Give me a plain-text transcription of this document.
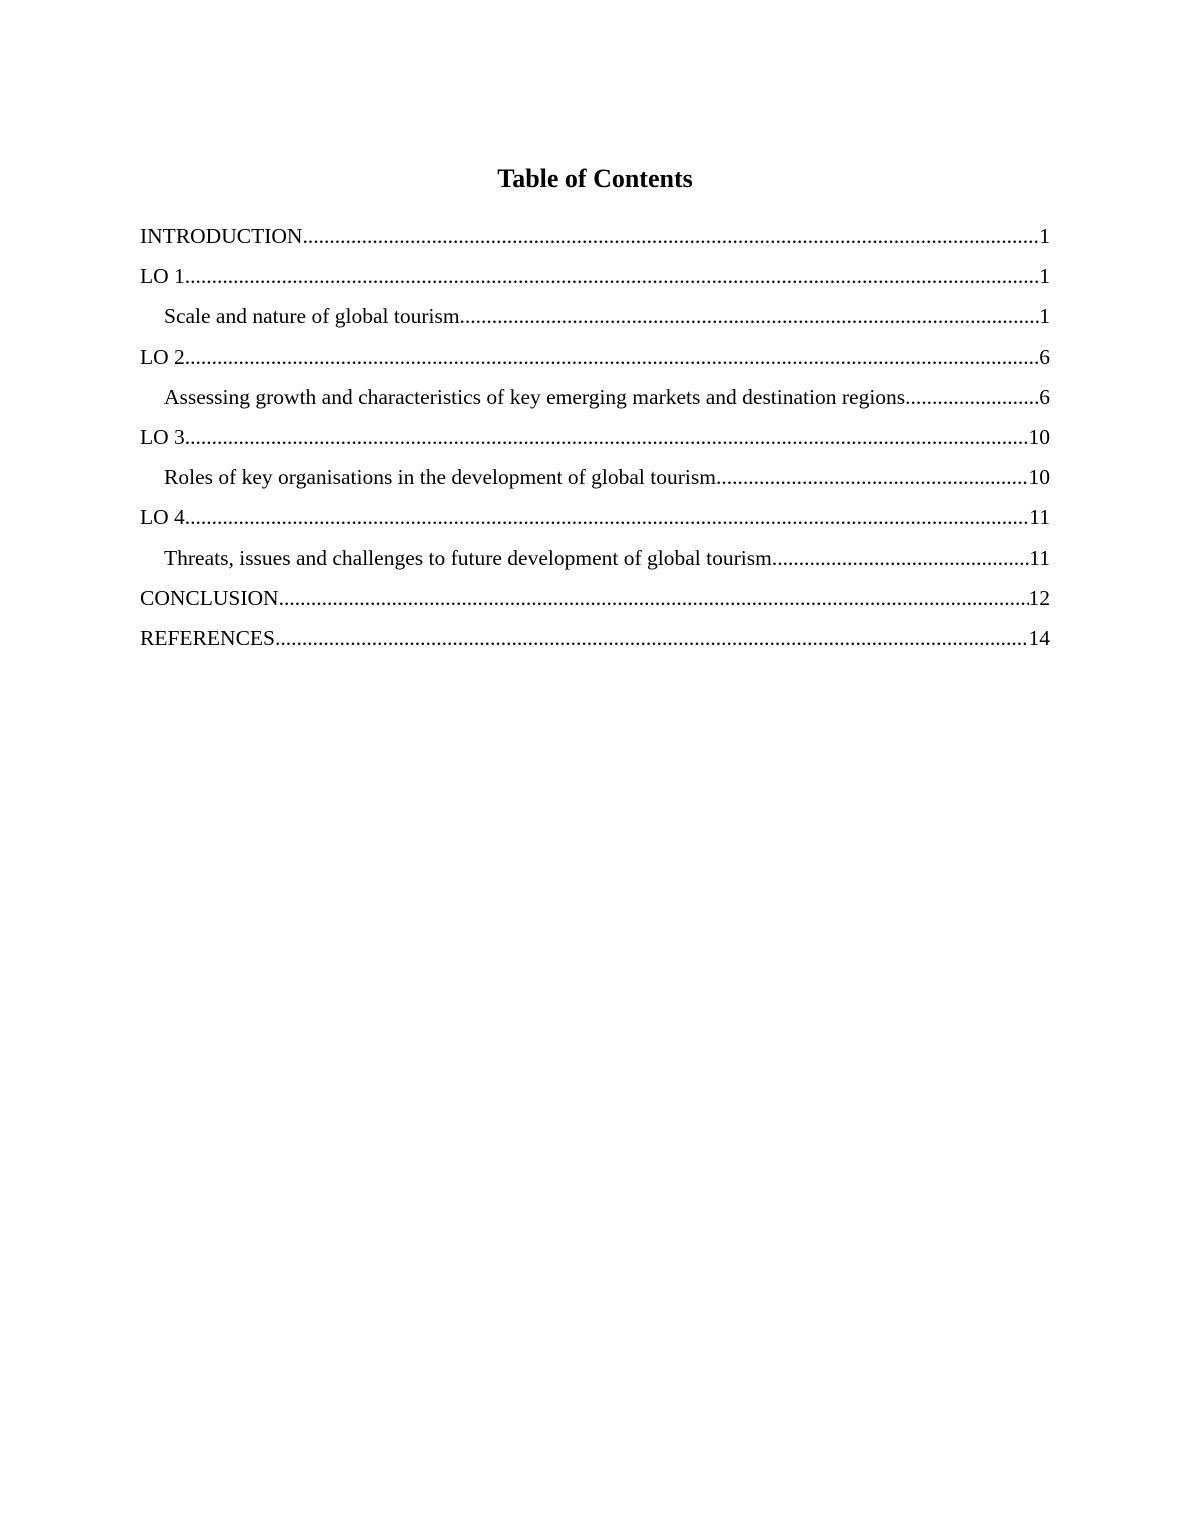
Table of Contents
INTRODUCTION .....	1
LO 1 .....	1
Scale and nature of global tourism .....	1
LO 2 .....	6
Assessing growth and characteristics of key emerging markets and destination regions .....	6
LO 3 .....	10
Roles of key organisations in the development of global tourism .....	10
LO 4 .....	11
Threats, issues and challenges to future development of global tourism .....	11
CONCLUSION .....	12
REFERENCES .....	14
